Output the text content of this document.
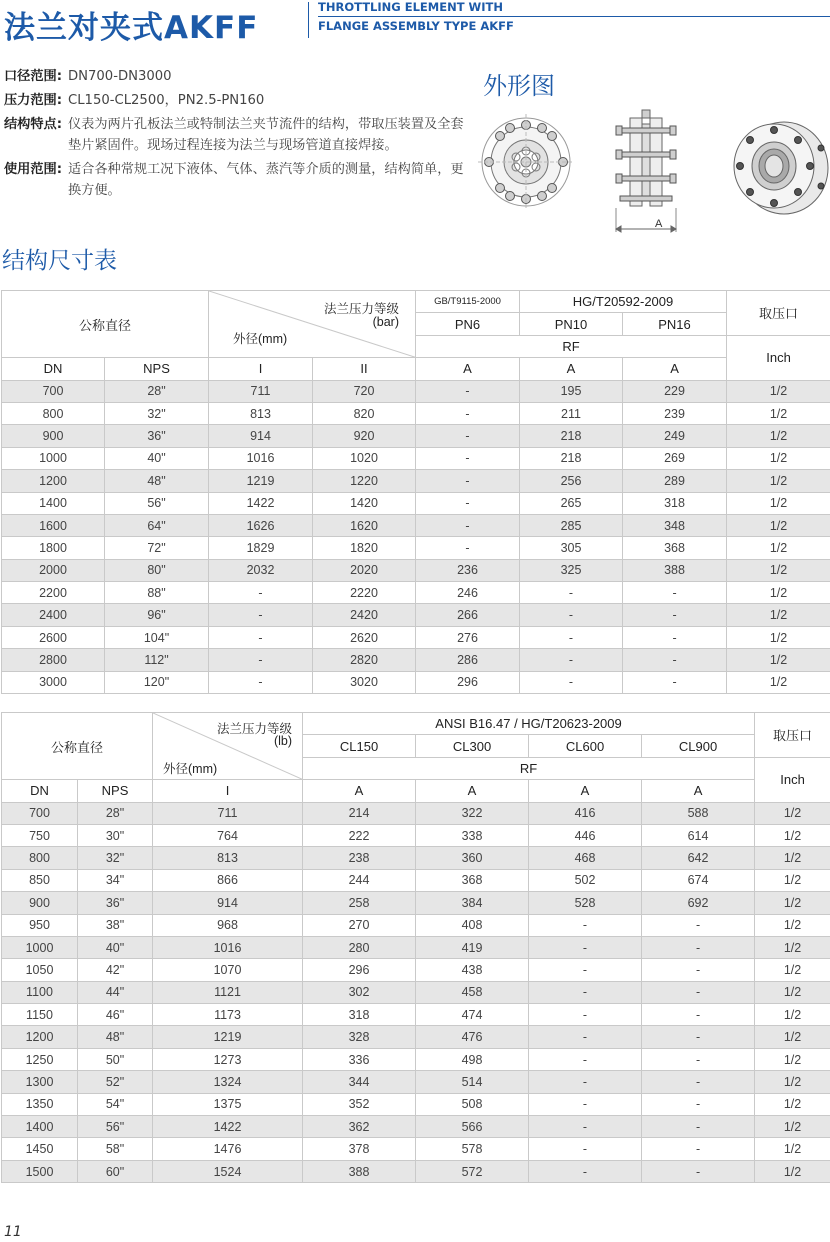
法兰对夹式AKFF
THROTTLING ELEMENT WITH
FLANGE ASSEMBLY TYPE AKFF
口径范围: DN700-DN3000
压力范围: CL150-CL2500，PN2.5-PN160
结构特点: 仪表为两片孔板法兰或特制法兰夹节流件的结构，带取压装置及全套垫片紧固件。现场过程连接为法兰与现场管道直接焊接。
使用范围: 适合各种常规工况下液体、气体、蒸汽等介质的测量，结构简单，更换方便。
外形图
A
结构尺寸表
公称直径		法兰压力等级
(bar)
外径(mm)		GB/T9115-2000	HG/T20592-2009		取压口
				PN6	PN10	PN16	
				RF			Inch
DN	NPS	I	II	A	A	A	
700	28"	711	720	-	195	229	1/2
800	32"	813	820	-	211	239	1/2
900	36"	914	920	-	218	249	1/2
1000	40"	1016	1020	-	218	269	1/2
1200	48"	1219	1220	-	256	289	1/2
1400	56"	1422	1420	-	265	318	1/2
1600	64"	1626	1620	-	285	348	1/2
1800	72"	1829	1820	-	305	368	1/2
2000	80"	2032	2020	236	325	388	1/2
2200	88"	-	2220	246	-	-	1/2
2400	96"	-	2420	266	-	-	1/2
2600	104"	-	2620	276	-	-	1/2
2800	112"	-	2820	286	-	-	1/2
3000	120"	-	3020	296	-	-	1/2
公称直径		法兰压力等级
(lb)
外径(mm)	ANSI B16.47 / HG/T20623-2009				取压口
			CL150	CL300	CL600	CL900	
			RF				Inch
DN	NPS	I	A	A	A	A	
700	28"	711	214	322	416	588	1/2
750	30"	764	222	338	446	614	1/2
800	32"	813	238	360	468	642	1/2
850	34"	866	244	368	502	674	1/2
900	36"	914	258	384	528	692	1/2
950	38"	968	270	408	-	-	1/2
1000	40"	1016	280	419	-	-	1/2
1050	42"	1070	296	438	-	-	1/2
1100	44"	1121	302	458	-	-	1/2
1150	46"	1173	318	474	-	-	1/2
1200	48"	1219	328	476	-	-	1/2
1250	50"	1273	336	498	-	-	1/2
1300	52"	1324	344	514	-	-	1/2
1350	54"	1375	352	508	-	-	1/2
1400	56"	1422	362	566	-	-	1/2
1450	58"	1476	378	578	-	-	1/2
1500	60"	1524	388	572	-	-	1/2
11
